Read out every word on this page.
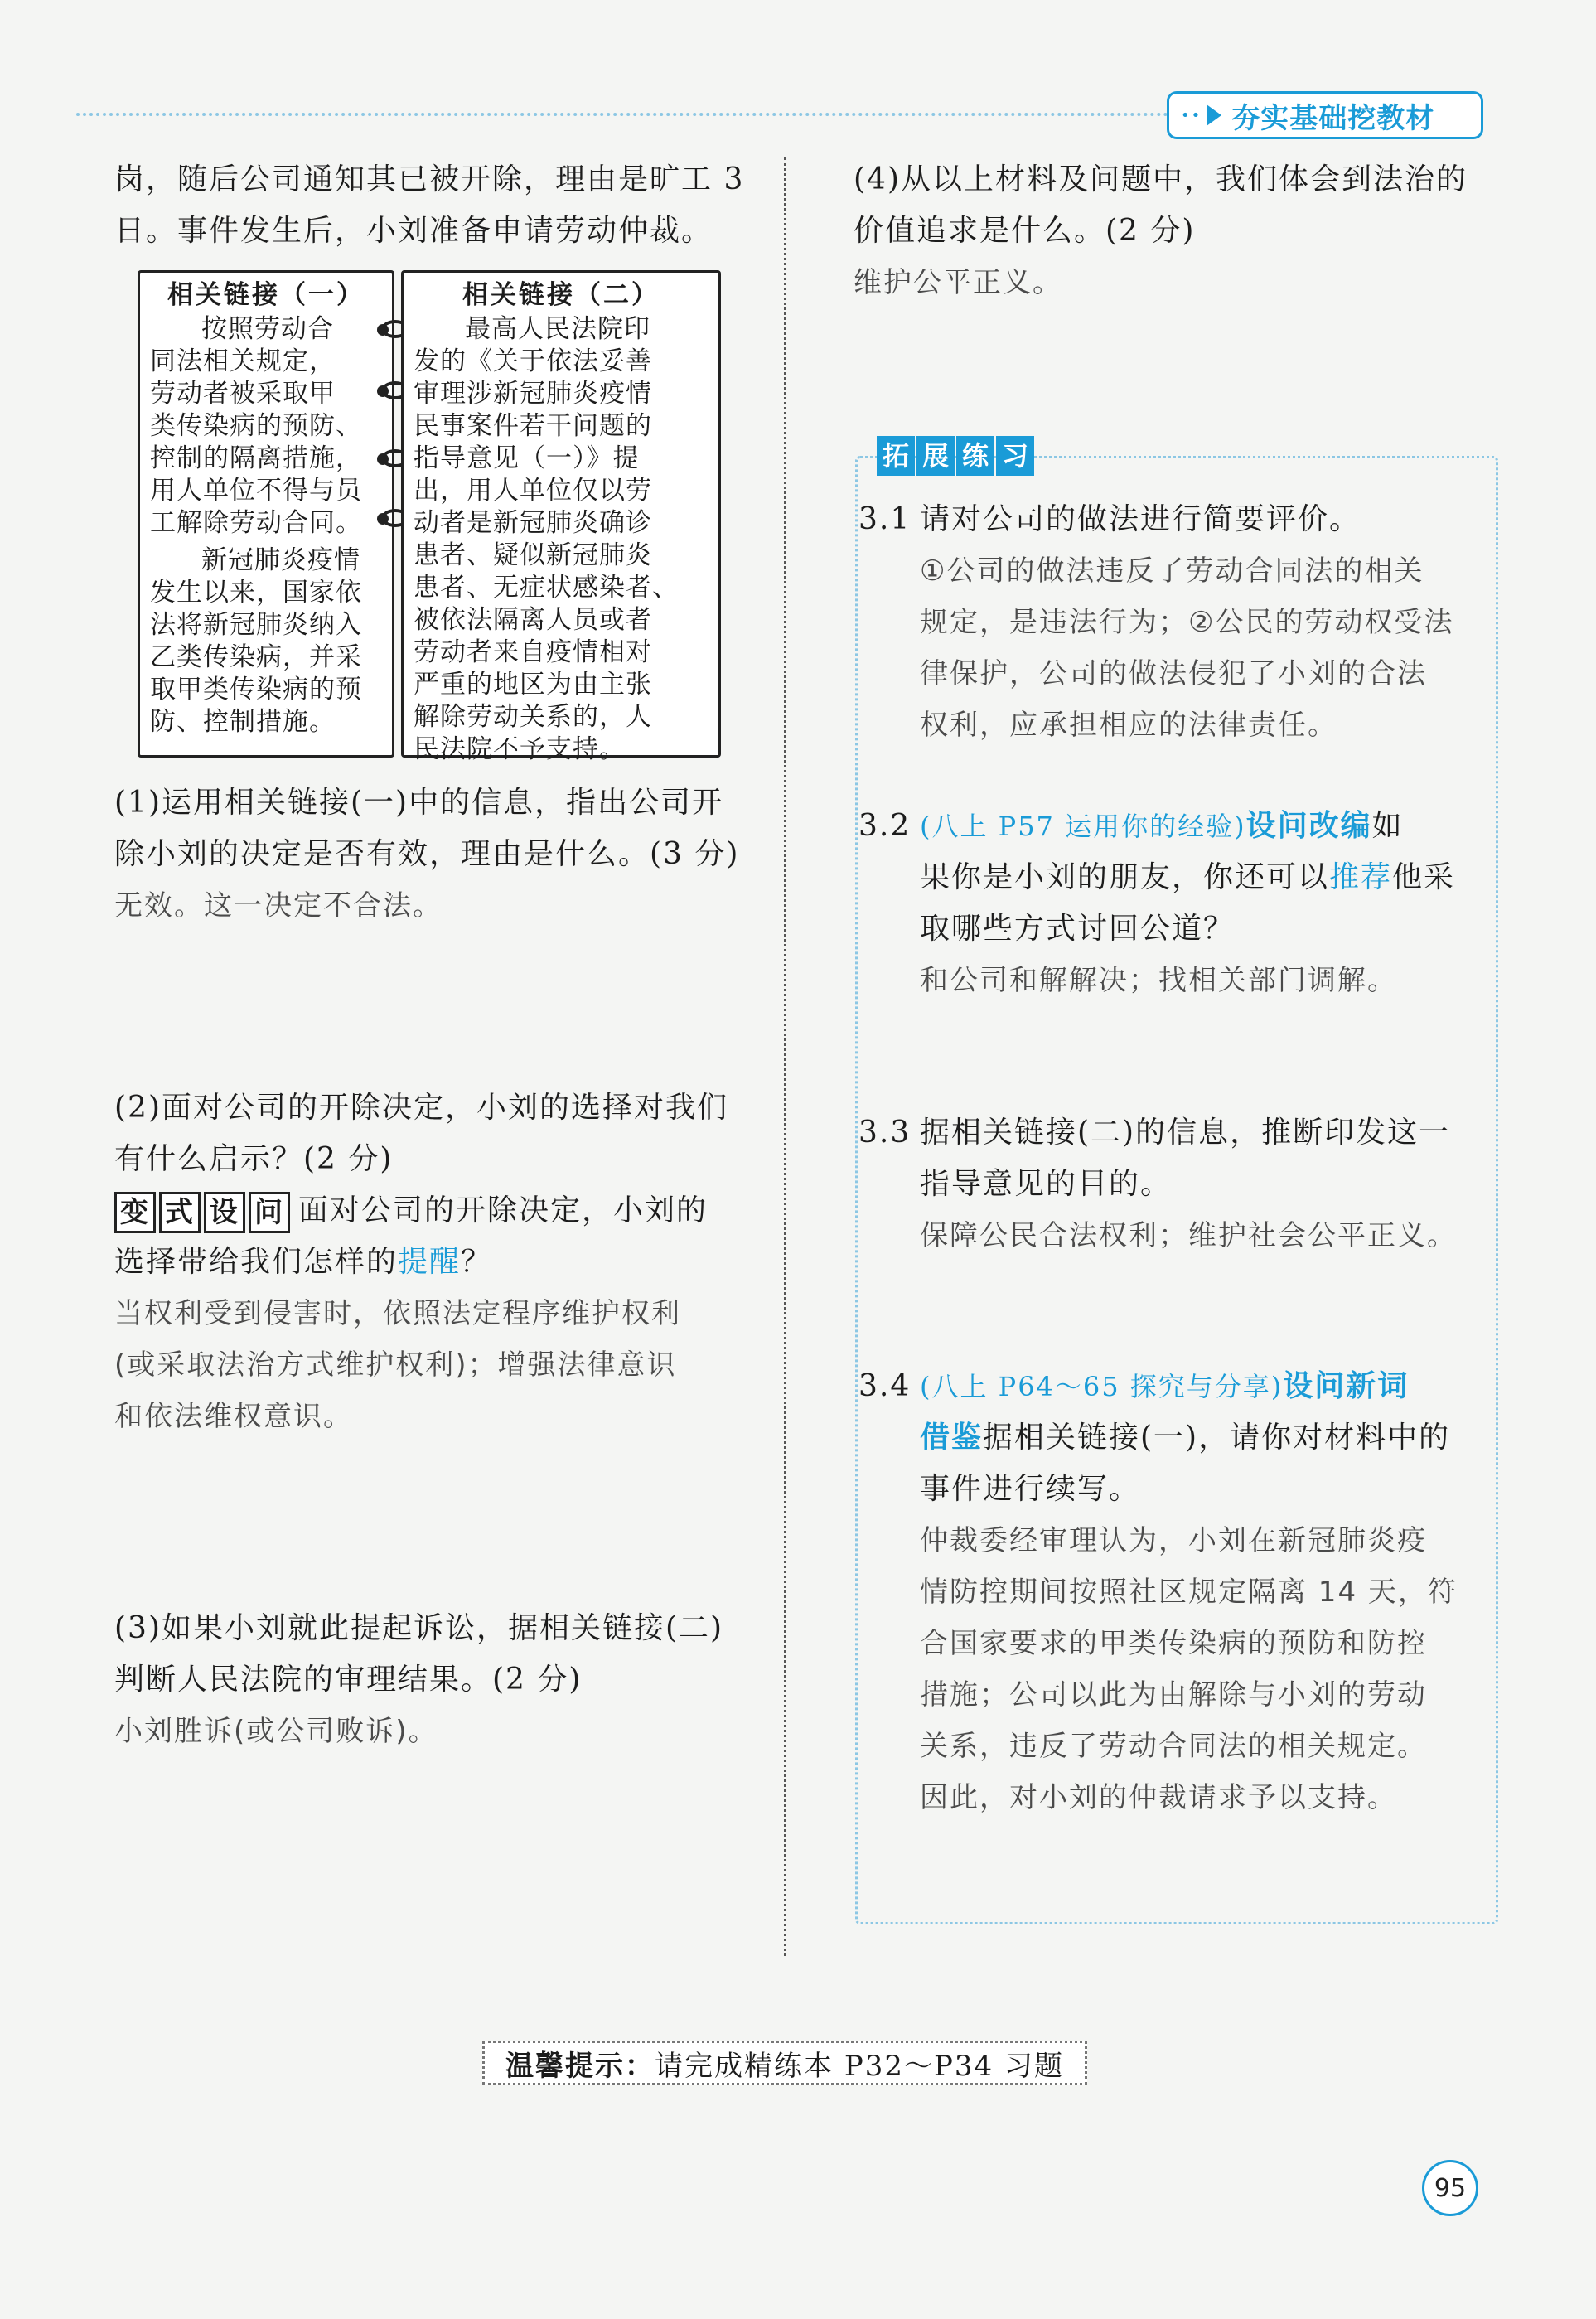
•• 夯实基础挖教材
岗，随后公司通知其已被开除，理由是旷工 3
日。事件发生后，小刘准备申请劳动仲裁。
相关链接（一）
按照劳动合
同法相关规定，
劳动者被采取甲
类传染病的预防、
控制的隔离措施，
用人单位不得与员
工解除劳动合同。
新冠肺炎疫情
发生以来，国家依
法将新冠肺炎纳入
乙类传染病，并采
取甲类传染病的预
防、控制措施。
相关链接（二）
最高人民法院印
发的《关于依法妥善
审理涉新冠肺炎疫情
民事案件若干问题的
指导意见（一）》提
出，用人单位仅以劳
动者是新冠肺炎确诊
患者、疑似新冠肺炎
患者、无症状感染者、
被依法隔离人员或者
劳动者来自疫情相对
严重的地区为由主张
解除劳动关系的，人
民法院不予支持。
(1)运用相关链接(一)中的信息，指出公司开
除小刘的决定是否有效，理由是什么。(3 分)
无效。这一决定不合法。
(2)面对公司的开除决定，小刘的选择对我们
有什么启示？(2 分)
变 式 设 问 面对公司的开除决定，小刘的
选择带给我们怎样的提醒？
当权利受到侵害时，依照法定程序维护权利
(或采取法治方式维护权利)；增强法律意识
和依法维权意识。
(3)如果小刘就此提起诉讼，据相关链接(二)
判断人民法院的审理结果。(2 分)
小刘胜诉(或公司败诉)。
(4)从以上材料及问题中，我们体会到法治的
价值追求是什么。(2 分)
维护公平正义。
拓 展 练 习
3.1 请对公司的做法进行简要评价。
①公司的做法违反了劳动合同法的相关
规定，是违法行为；②公民的劳动权受法
律保护，公司的做法侵犯了小刘的合法
权利，应承担相应的法律责任。
3.2 (八上 P57 运用你的经验)设问改编如
果你是小刘的朋友，你还可以推荐他采
取哪些方式讨回公道？
和公司和解解决；找相关部门调解。
3.3 据相关链接(二)的信息，推断印发这一
指导意见的目的。
保障公民合法权利；维护社会公平正义。
3.4 (八上 P64～65 探究与分享)设问新词
借鉴据相关链接(一)，请你对材料中的
事件进行续写。
仲裁委经审理认为，小刘在新冠肺炎疫
情防控期间按照社区规定隔离 14 天，符
合国家要求的甲类传染病的预防和防控
措施；公司以此为由解除与小刘的劳动
关系，违反了劳动合同法的相关规定。
因此，对小刘的仲裁请求予以支持。
温馨提示： 请完成精练本 P32～P34 习题
95
